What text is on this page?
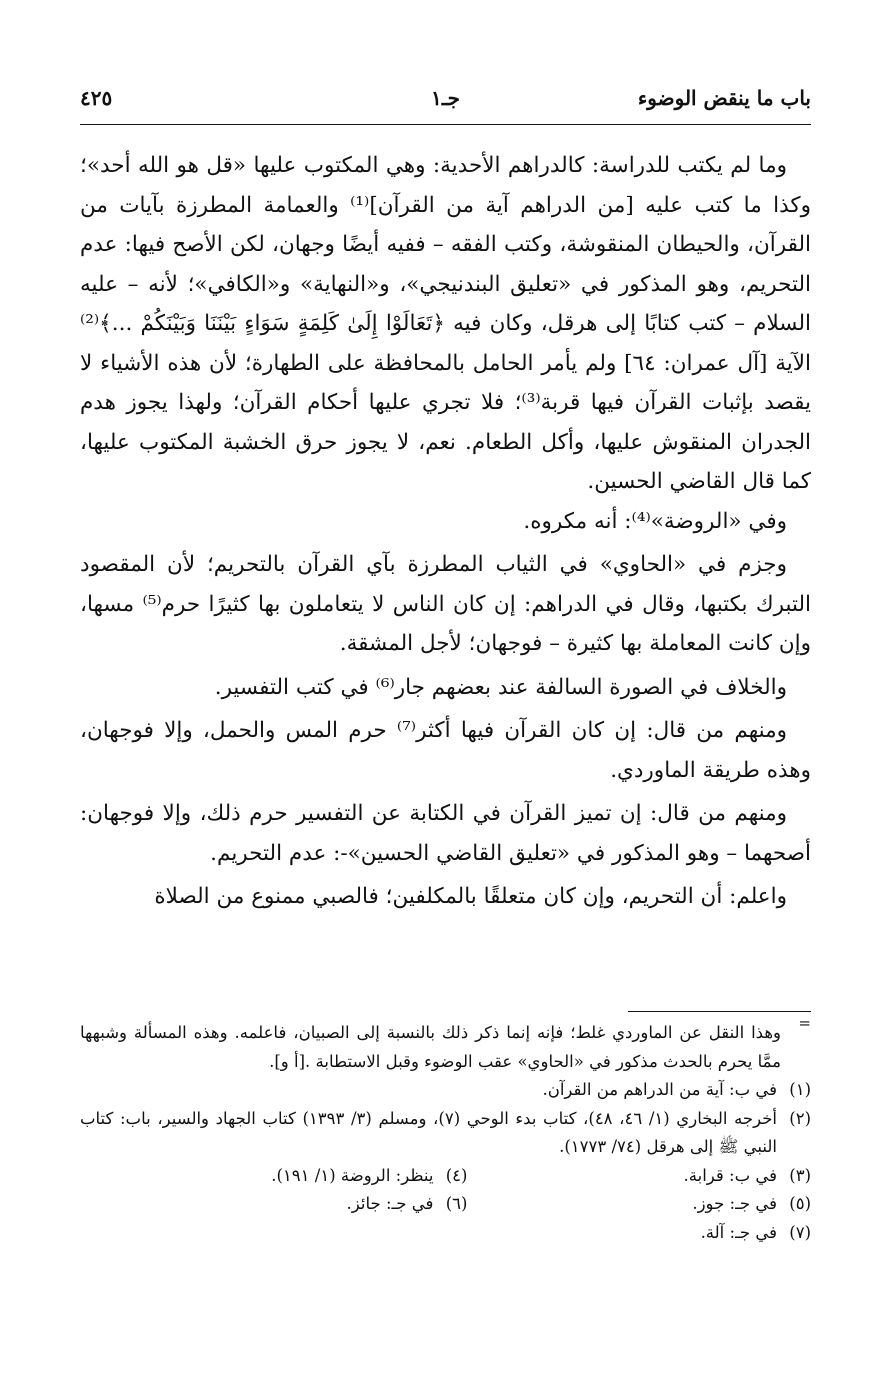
باب ما ينقض الوضوء
جـ١
٤٢٥

وما لم يكتب للدراسة: كالدراهم الأحدية: وهي المكتوب عليها «قل هو الله أحد»؛ وكذا ما كتب عليه [من الدراهم آية من القرآن]⁽¹⁾ والعمامة المطرزة بآيات من القرآن، والحيطان المنقوشة، وكتب الفقه – ففيه أيضًا وجهان، لكن الأصح فيها: عدم التحريم، وهو المذكور في «تعليق البندنيجي»، و«النهاية» و«الكافي»؛ لأنه – عليه السلام – كتب كتابًا إلى هرقل، وكان فيه ﴿تَعَالَوْا إِلَىٰ كَلِمَةٍ سَوَاءٍ بَيْنَنَا وَبَيْنَكُمْ ...﴾⁽²⁾ الآية [آل عمران: ٦٤] ولم يأمر الحامل بالمحافظة على الطهارة؛ لأن هذه الأشياء لا يقصد بإثبات القرآن فيها قربة⁽³⁾؛ فلا تجري عليها أحكام القرآن؛ ولهذا يجوز هدم الجدران المنقوش عليها، وأكل الطعام. نعم، لا يجوز حرق الخشبة المكتوب عليها، كما قال القاضي الحسين.

وفي «الروضة»⁽⁴⁾: أنه مكروه.

وجزم في «الحاوي» في الثياب المطرزة بآي القرآن بالتحريم؛ لأن المقصود التبرك بكتبها، وقال في الدراهم: إن كان الناس لا يتعاملون بها كثيرًا حرم⁽⁵⁾ مسها، وإن كانت المعاملة بها كثيرة – فوجهان؛ لأجل المشقة.

والخلاف في الصورة السالفة عند بعضهم جار⁽⁶⁾ في كتب التفسير.

ومنهم من قال: إن كان القرآن فيها أكثر⁽⁷⁾ حرم المس والحمل، وإلا فوجهان، وهذه طريقة الماوردي.

ومنهم من قال: إن تميز القرآن في الكتابة عن التفسير حرم ذلك، وإلا فوجهان: أصحهما – وهو المذكور في «تعليق القاضي الحسين»-: عدم التحريم.

واعلم: أن التحريم، وإن كان متعلقًا بالمكلفين؛ فالصبي ممنوع من الصلاة

=

وهذا النقل عن الماوردي غلط؛ فإنه إنما ذكر ذلك بالنسبة إلى الصبيان، فاعلمه. وهذه المسألة وشبهها ممَّا يحرم بالحدث مذكور في «الحاوي» عقب الوضوء وقبل الاستطابة .[أ و].

(١)
في ب: آية من الدراهم من القرآن.
(٢)
أخرجه البخاري (١/ ٤٦، ٤٨)، كتاب بدء الوحي (٧)، ومسلم (٣/ ١٣٩٣) كتاب الجهاد والسير، باب: كتاب النبي ﷺ إلى هرقل (٧٤/ ١٧٧٣).
(٣)
في ب: قرابة.
(٤)
ينظر: الروضة (١/ ١٩١).
(٥)
في جـ: جوز.
(٦)
في جـ: جائز.
(٧)
في جـ: آلة.
